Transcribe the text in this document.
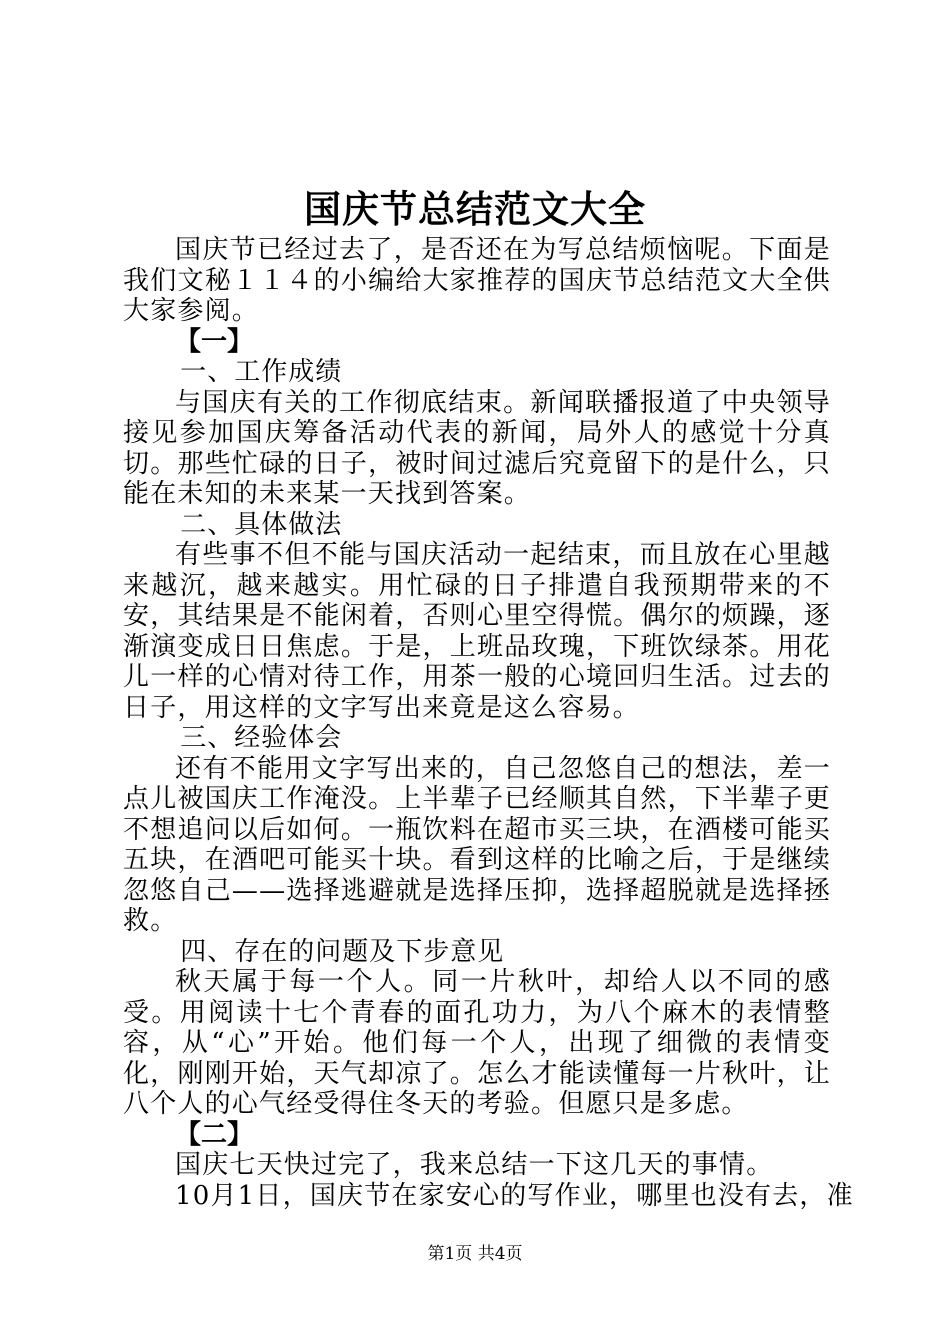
国庆节总结范文大全

国庆节已经过去了，是否还在为写总结烦恼呢。下面是我们文秘１１４的小编给大家推荐的国庆节总结范文大全供大家参阅。

【一】

一、工作成绩

与国庆有关的工作彻底结束。新闻联播报道了中央领导接见参加国庆筹备活动代表的新闻，局外人的感觉十分真切。那些忙碌的日子，被时间过滤后究竟留下的是什么，只能在未知的未来某一天找到答案。

二、具体做法

有些事不但不能与国庆活动一起结束，而且放在心里越来越沉，越来越实。用忙碌的日子排遣自我预期带来的不安，其结果是不能闲着，否则心里空得慌。偶尔的烦躁，逐渐演变成日日焦虑。于是，上班品玫瑰，下班饮绿茶。用花儿一样的心情对待工作，用茶一般的心境回归生活。过去的日子，用这样的文字写出来竟是这么容易。

三、经验体会

还有不能用文字写出来的，自己忽悠自己的想法，差一点儿被国庆工作淹没。上半辈子已经顺其自然，下半辈子更不想追问以后如何。一瓶饮料在超市买三块，在酒楼可能买五块，在酒吧可能买十块。看到这样的比喻之后，于是继续忽悠自己——选择逃避就是选择压抑，选择超脱就是选择拯救。

四、存在的问题及下步意见

秋天属于每一个人。同一片秋叶，却给人以不同的感受。用阅读十七个青春的面孔功力，为八个麻木的表情整容，从“心”开始。他们每一个人，出现了细微的表情变化，刚刚开始，天气却凉了。怎么才能读懂每一片秋叶，让八个人的心气经受得住冬天的考验。但愿只是多虑。

【二】

国庆七天快过完了，我来总结一下这几天的事情。

10月1日，国庆节在家安心的写作业，哪里也没有去，准

第1页 共4页
